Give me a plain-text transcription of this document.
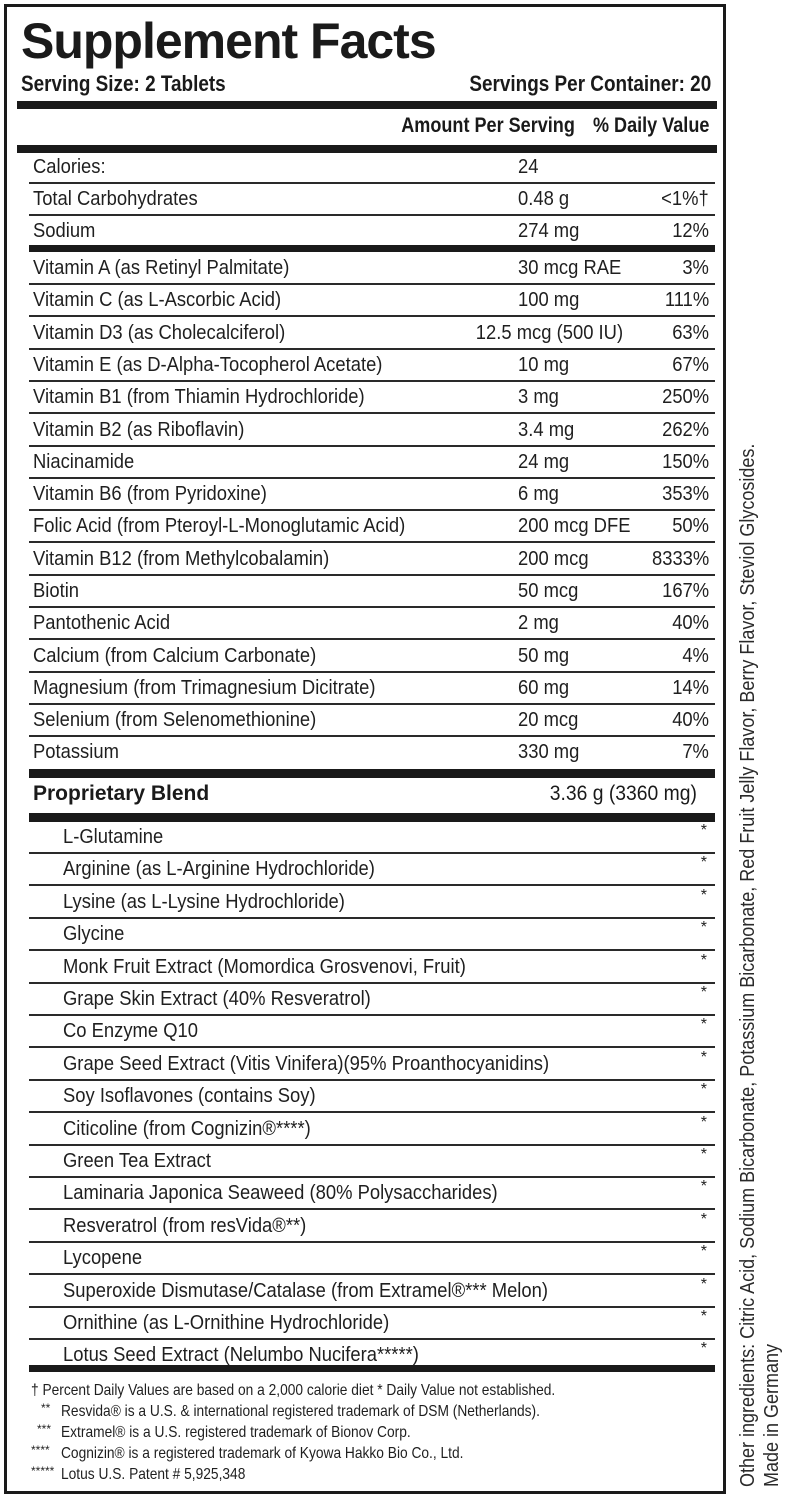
Supplement Facts
Serving Size: 2 Tablets	Servings Per Container: 20
Amount Per Serving % Daily Value
Proprietary Blend	3.36 g (3360 mg)
† Percent Daily Values are based on a 2,000 calorie diet * Daily Value not established.
** Resvida® is a U.S. & international registered trademark of DSM (Netherlands).
*** Extramel® is a U.S. registered trademark of Bionov Corp.
**** Cognizin® is a registered trademark of Kyowa Hakko Bio Co., Ltd.
***** Lotus U.S. Patent # 5,925,348
Calories:	24
Total Carbohydrates	0.48 g	<1%†
Sodium	274 mg	12%
Vitamin A (as Retinyl Palmitate)	30 mcg RAE	3%
Vitamin C (as L-Ascorbic Acid)	100 mg	111%
Vitamin D3 (as Cholecalciferol)	12.5 mcg (500 IU) 63%
Vitamin E (as D-Alpha-Tocopherol Acetate)	10 mg	67%
Vitamin B1 (from Thiamin Hydrochloride)	3 mg	250%
Vitamin B2 (as Riboflavin)	3.4 mg	262%
Niacinamide	24 mg	150%
Vitamin B6 (from Pyridoxine)	6 mg	353%
Folic Acid (from Pteroyl-L-Monoglutamic Acid)	200 mcg DFE 50%
Vitamin B12 (from Methylcobalamin)	200 mcg	8333%
Biotin	50 mcg	167%
Pantothenic Acid	2 mg	40%
Calcium (from Calcium Carbonate)	50 mg	4%
Magnesium (from Trimagnesium Dicitrate)	60 mg	14%
Selenium (from Selenomethionine)	20 mcg	40%
Potassium	330 mg	7%
L-Glutamine	*
Arginine (as L-Arginine Hydrochloride)	*
Lysine (as L-Lysine Hydrochloride)	*
Glycine	*
Monk Fruit Extract (Momordica Grosvenovi, Fruit)	*
Grape Skin Extract (40% Resveratrol)	*
Co Enzyme Q10	*
Grape Seed Extract (Vitis Vinifera)(95% Proanthocyanidins)	*
Soy Isoflavones (contains Soy)	*
Citicoline (from Cognizin®****)	*
Green Tea Extract	*
Laminaria Japonica Seaweed (80% Polysaccharides)	*
Resveratrol (from resVida®**)	*
Lycopene	*
Superoxide Dismutase/Catalase (from Extramel®*** Melon)	*
Ornithine (as L-Ornithine Hydrochloride)	*
Lotus Seed Extract (Nelumbo Nucifera*****)	* Other ingredients: Citric Acid, Sodium Bicarbonate, Potassium Bicarbonate, Red Fruit Jelly Flavor, Berry Flavor, Steviol Glycosides. Made in Germany
